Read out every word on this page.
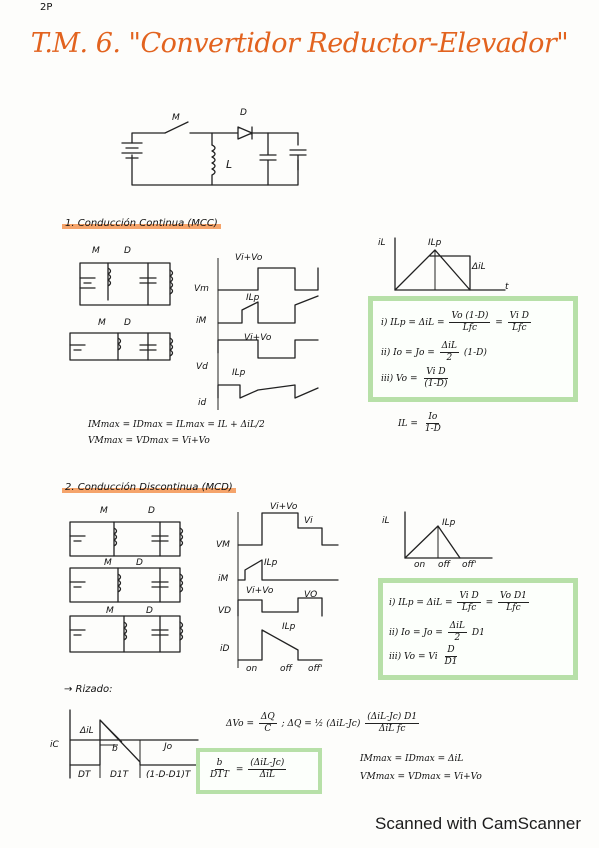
2P
T.M. 6. "Convertidor Reductor-Elevador"
M	D
L
1. Conducción Continua (MCC)
M	D
M D
Vi+Vo
Vm
ILp
iM
Vi+Vo
Vd
ILp
id
IMmax = IDmax = ILmax = IL + ΔiL/2
VMmax = VDmax = Vi+Vo
iL	ILp
ΔiL
t
i) ILp = $\Delta iL = \frac{Vo (1-D)}{\text{Lfc}} = \frac{\text{Vi D}}{\text{Lfc}}$
ii) $Io = Jo = \frac{\text{ΔiL}}{2} (1-D)$
iii) $Vo = \frac{\text{Vi D}}{(1-D)}$
IL = $\frac{Io}{1-D}$
2. Conducción Discontinua (MCD)
M	D
M	D
M	D
Vi+Vo
Vi
VM
ILp
iM
Vi+Vo	VO
VD
ILp
iD
on	off off'
iL	ILp
on off off'
i) ILp = $\Delta iL = \frac{\text{Vi D}}{\text{Lfc}} = \frac{\text{Vo D1}}{\text{Lfc}}$
ii) $Io = Jo = \frac{\text{ΔiL}}{2} D1$
iii) Vo = Vi $\frac{D}{D1}$
→ Rizado:
iC
ΔiL
b	Jo
DT D1T (1-D-D1)T
$\Delta Vo = \frac{\Delta Q}{C}$ ; ΔQ = ½ $(\Delta iL-Jc) \frac{\text{(ΔiL-Jc) D1}}{\text{ΔiL fc}}$
$\frac{b}{D1T} = \frac{\text{(ΔiL-Jc)}}{\text{ΔiL}}$	IMmax = IDmax = ΔiL
VMmax = VDmax = Vi+Vo
Scanned with CamScanner
